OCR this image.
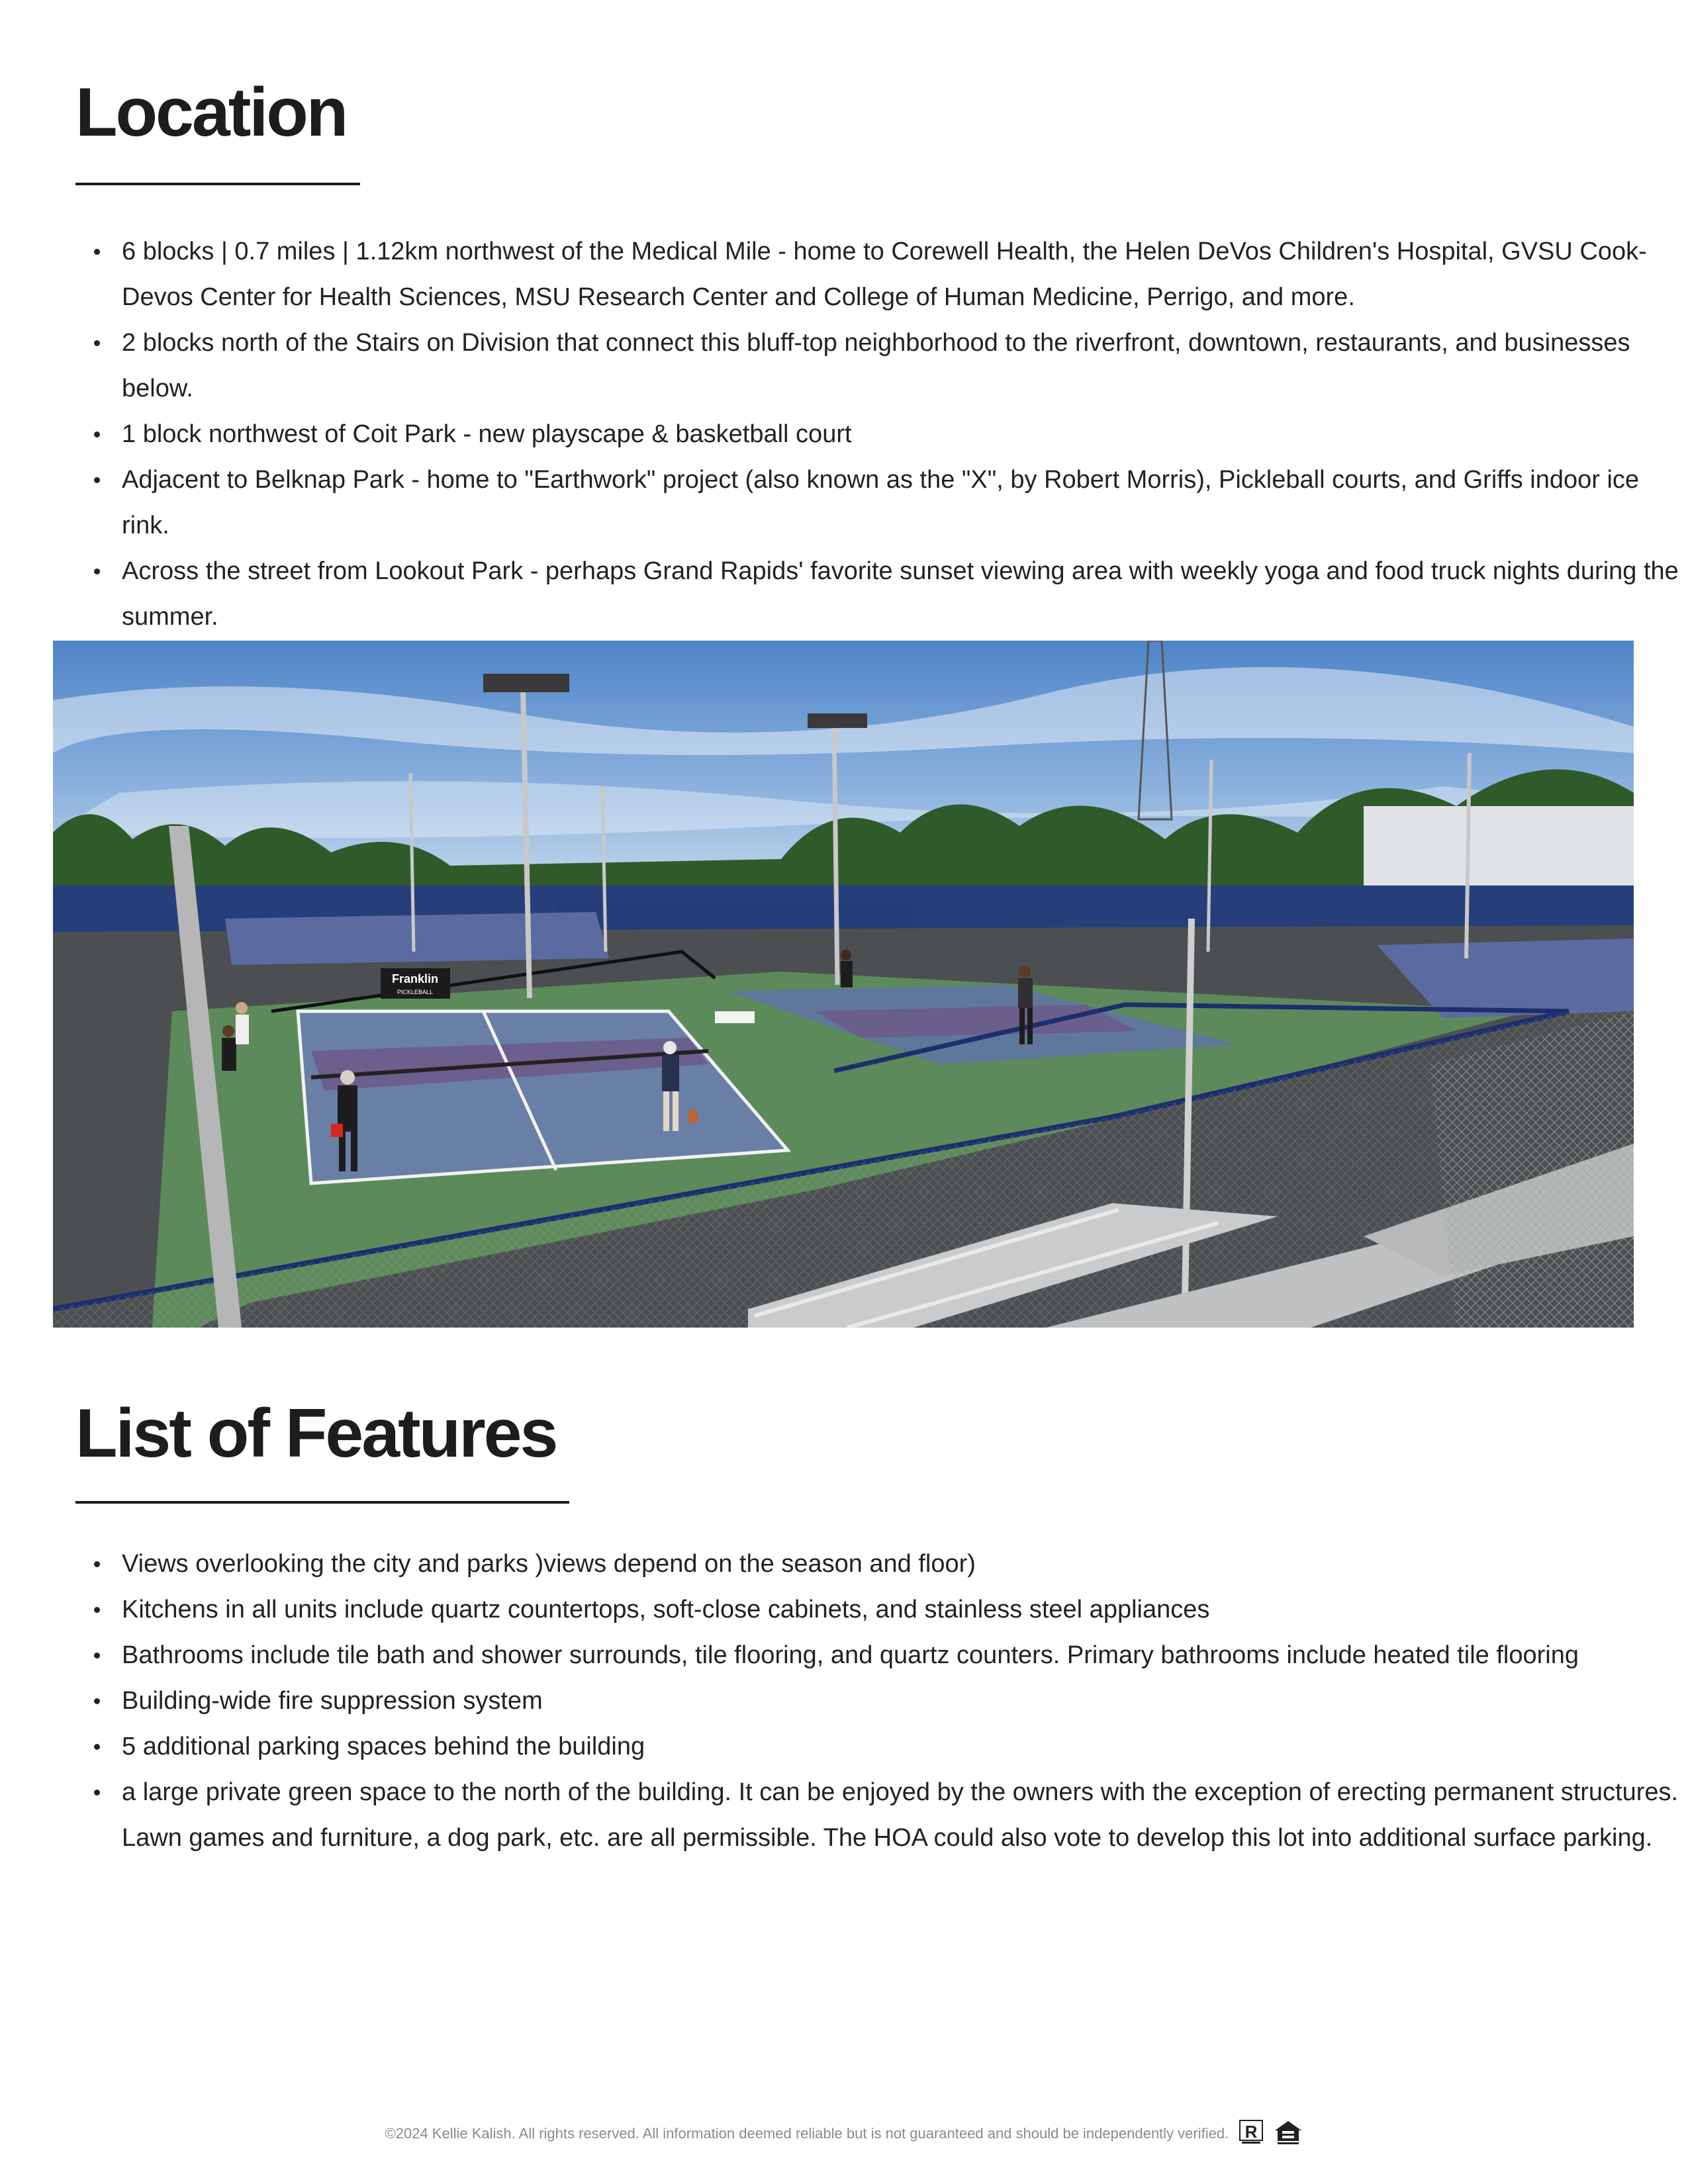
Location
6 blocks | 0.7 miles | 1.12km northwest of the Medical Mile - home to Corewell Health, the Helen DeVos Children's Hospital, GVSU Cook-Devos Center for Health Sciences, MSU Research Center and College of Human Medicine, Perrigo, and more.
2 blocks north of the Stairs on Division that connect this bluff-top neighborhood to the riverfront, downtown, restaurants, and businesses below.
1 block northwest of Coit Park - new playscape & basketball court
Adjacent to Belknap Park - home to "Earthwork" project (also known as the "X", by Robert Morris), Pickleball courts, and Griffs indoor ice rink.
Across the street from Lookout Park - perhaps Grand Rapids' favorite sunset viewing area with weekly yoga and food truck nights during the summer.
Franklin
PICKLEBALL
List of Features
Views overlooking the city and parks )views depend on the season and floor)
Kitchens in all units include quartz countertops, soft-close cabinets, and stainless steel appliances
Bathrooms include tile bath and shower surrounds, tile flooring, and quartz counters. Primary bathrooms include heated tile flooring
Building-wide fire suppression system
5 additional parking spaces behind the building
a large private green space to the north of the building. It can be enjoyed by the owners with the exception of erecting permanent structures. Lawn games and furniture, a dog park, etc. are all permissible. The HOA could also vote to develop this lot into additional surface parking.
©2024 Kellie Kalish. All rights reserved. All information deemed reliable but is not guaranteed and should be independently verified. R
